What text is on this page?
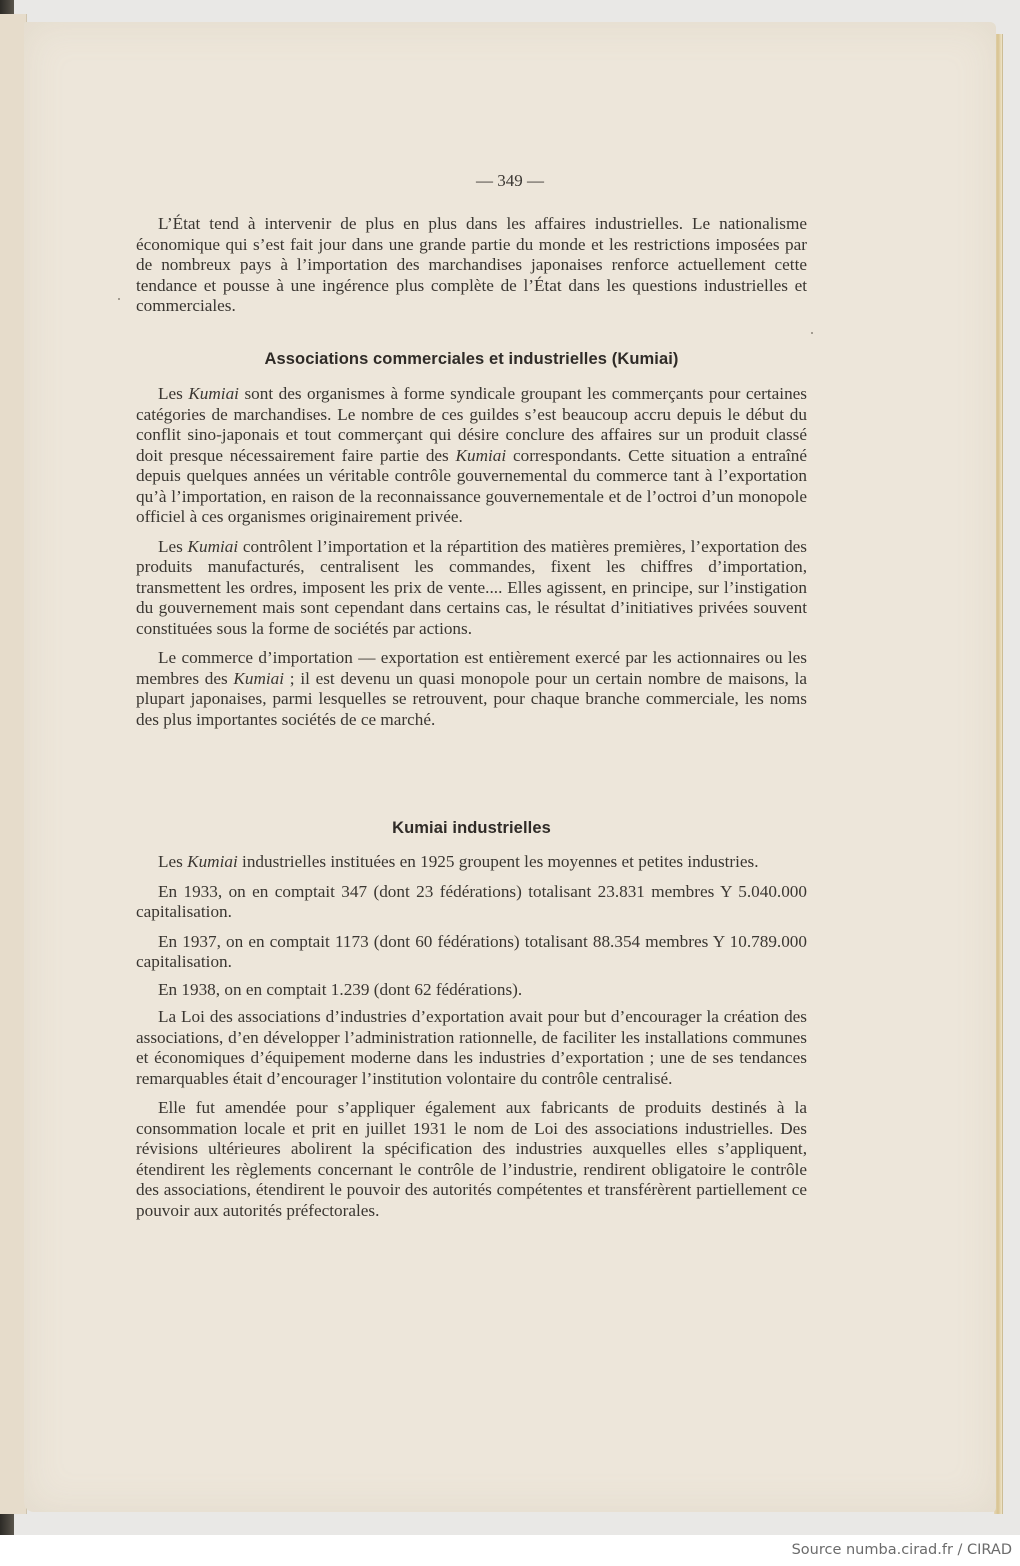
— 349 —

L’État tend à intervenir de plus en plus dans les affaires industrielles. Le nationalisme économique qui s’est fait jour dans une grande partie du monde et les restrictions imposées par de nombreux pays à l’importation des marchandises japonaises renforce actuellement cette tendance et pousse à une ingérence plus complète de l’État dans les questions industrielles et commerciales.

Associations commerciales et industrielles (Kumiai)

Les Kumiai sont des organismes à forme syndicale groupant les commerçants pour certaines catégories de marchandises. Le nombre de ces guildes s’est beaucoup accru depuis le début du conflit sino-japonais et tout commerçant qui désire conclure des affaires sur un produit classé doit presque nécessairement faire partie des Kumiai correspondants. Cette situation a entraîné depuis quelques années un véritable contrôle gouvernemental du commerce tant à l’exportation qu’à l’importation, en raison de la reconnaissance gouvernementale et de l’octroi d’un monopole officiel à ces organismes originairement privée.

Les Kumiai contrôlent l’importation et la répartition des matières premières, l’exportation des produits manufacturés, centralisent les commandes, fixent les chiffres d’importation, transmettent les ordres, imposent les prix de vente.... Elles agissent, en principe, sur l’instigation du gouvernement mais sont cependant dans certains cas, le résultat d’initiatives privées souvent constituées sous la forme de sociétés par actions.

Le commerce d’importation — exportation est entièrement exercé par les actionnaires ou les membres des Kumiai ; il est devenu un quasi monopole pour un certain nombre de maisons, la plupart japonaises, parmi lesquelles se retrouvent, pour chaque branche commerciale, les noms des plus importantes sociétés de ce marché.

Kumiai industrielles

Les Kumiai industrielles instituées en 1925 groupent les moyennes et petites industries.

En 1933, on en comptait 347 (dont 23 fédérations) totalisant 23.831 membres Y 5.040.000 capitalisation.

En 1937, on en comptait 1173 (dont 60 fédérations) totalisant 88.354 membres Y 10.789.000 capitalisation.

En 1938, on en comptait 1.239 (dont 62 fédérations).

La Loi des associations d’industries d’exportation avait pour but d’encourager la création des associations, d’en développer l’administration rationnelle, de faciliter les installations communes et économiques d’équipement moderne dans les industries d’exportation ; une de ses tendances remarquables était d’encourager l’institution volontaire du contrôle centralisé.

Elle fut amendée pour s’appliquer également aux fabricants de produits destinés à la consommation locale et prit en juillet 1931 le nom de Loi des associations industrielles. Des révisions ultérieures abolirent la spécification des industries auxquelles elles s’appliquent, étendirent les règlements concernant le contrôle de l’industrie, rendirent obligatoire le contrôle des associations, étendirent le pouvoir des autorités compétentes et transférèrent partiellement ce pouvoir aux autorités préfectorales.

Source numba.cirad.fr / CIRAD
